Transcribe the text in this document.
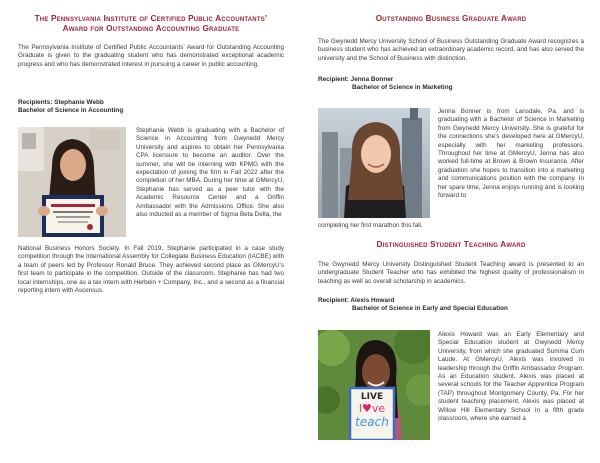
The Pennsylvania Institute of Certified Public Accountants’
Award for Outstanding Accounting Graduate

The Pennsylvania Institute of Certified Public Accountants’ Award for Outstanding Accounting Graduate is given to the graduating student who has demonstrated exceptional academic progress and who has demonstrated interest in pursuing a career in public accounting.

Recipients: Stephanie Webb
Bachelor of Science in Accounting

Stephanie Webb is graduating with a Bachelor of Science in Accounting from Gwynedd Mercy University and aspires to obtain her Pennsylvania CPA licensure to become an auditor. Over the summer, she will be interning with KPMG with the expectation of joining the firm in Fall 2022 after the completion of her MBA. During her time at GMercyU, Stephanie has served as a peer tutor with the Academic Resource Center and a Griffin Ambassador with the Admissions Office. She also also inducted as a member of Sigma Beta Delta, the

National Business Honors Society. In Fall 2019, Stephanie participated in a case study competition through the International Assembly for Collegiate Business Education (IACBE) with a team of peers led by Professor Ronald Bruce. They achieved second place as GMercyU’s first team to participate in the competition. Outside of the classroom, Stephanie has had two local internships, one as a tax intern with Herbein + Company, Inc., and a second as a financial reporting intern with Ascensus.

Outstanding Business Graduate Award

The Gwynedd Mercy University School of Business Outstanding Graduate Award recognizes a business student who has achieved an extraordinary academic record, and has also served the university and the School of Business with distinction.

Recipient: Jenna Bonner
Bachelor of Science in Marketing

Jenna Bonner is from Lansdale, Pa. and is graduating with a Bachelor of Science in Marketing from Gwynedd Mercy University. She is grateful for the connections she’s developed here at GMercyU, especially with her marketing professors. Throughout her time at GMercyU, Jenna has also worked full-time at Brown & Brown Insurance. After graduation she hopes to transition into a marketing and communications position with the company. In her spare time, Jenna enjoys running and is looking forward to

completing her first marathon this fall.

Distinguished Student Teaching Award

The Gwynedd Mercy University Distinguished Student Teaching award is presented to an undergraduate Student Teacher who has exhibited the highest quality of professionalism in teaching as well as overall scholarship in academics.

Recipient: Alexis Howard
Bachelor of Science in Early and Special Education
LIVE
l♥ve
teach

Alexis Howard was an Early Elementary and Special Education student at Gwynedd Mercy University, from which she graduated Summa Cum Laude. At GMercyU, Alexis was involved in leadership through the Griffin Ambassador Program. As an Education student, Alexis was placed at several schools for the Teacher Apprentice Program (TAP) throughout Montgomery County, Pa. For her student teaching placement, Alexis was placed at Willow Hill Elementary School in a fifth grade classroom, where she earned a
